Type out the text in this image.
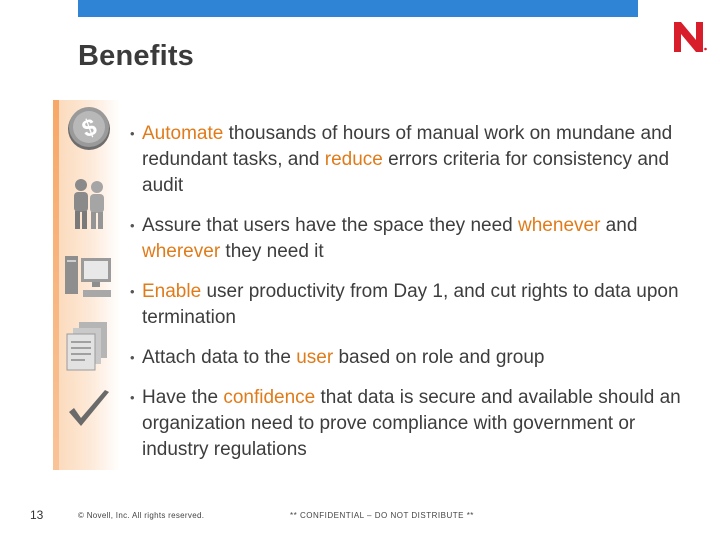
Benefits
$ • Automate thousands of hours of manual work on mundane and redundant tasks, and reduce errors criteria for consistency and audit
• Assure that users have the space they need whenever and wherever they need it
• Enable user productivity from Day 1, and cut rights to data upon termination
• Attach data to the user based on role and group
• Have the confidence that data is secure and available should an organization need to prove compliance with government or industry regulations
13	© Novell, Inc. All rights reserved.	** CONFIDENTIAL – DO NOT DISTRIBUTE **
